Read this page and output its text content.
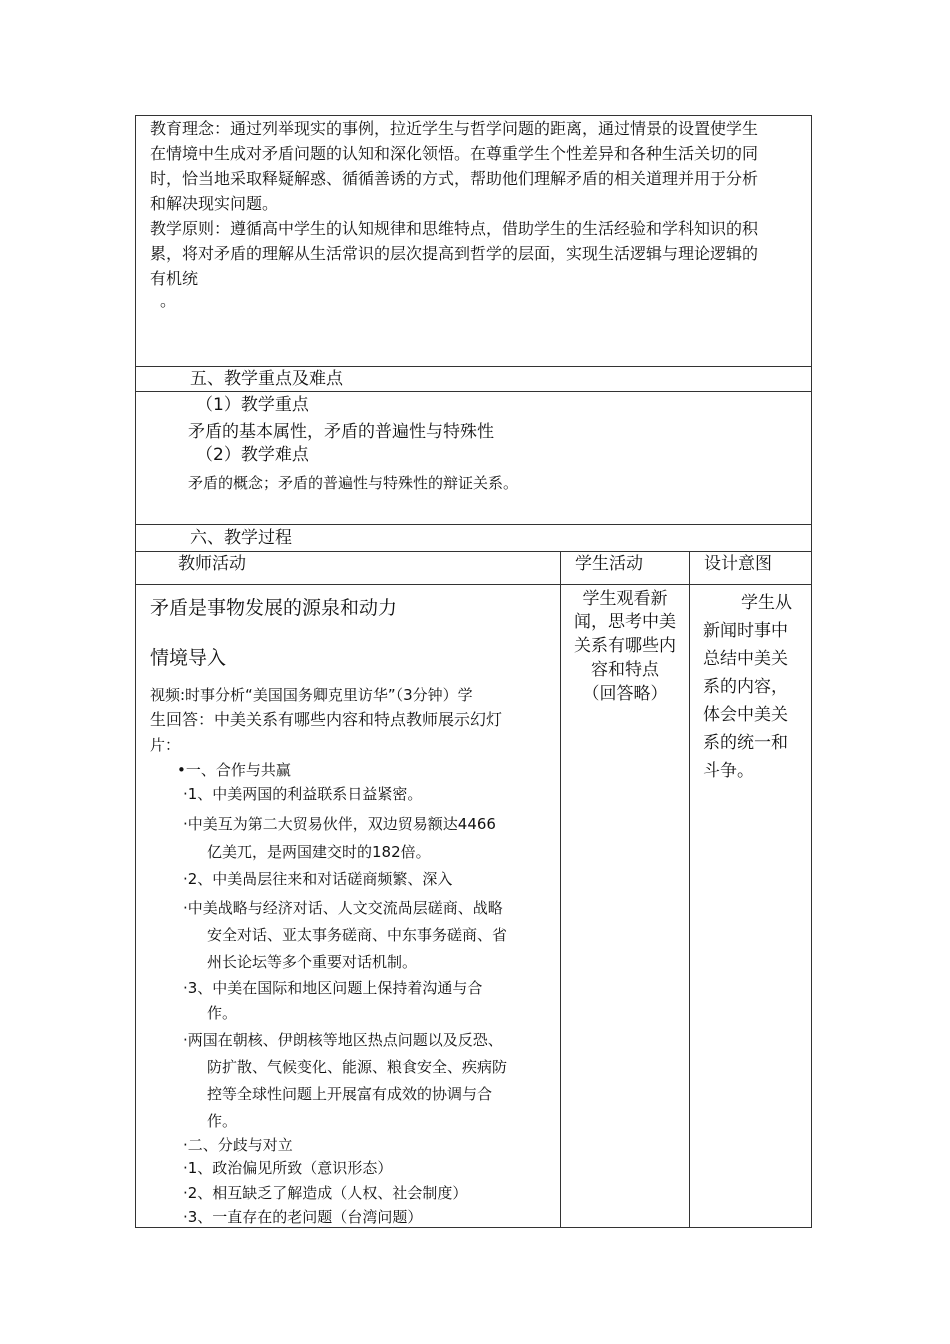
教育理念：通过列举现实的事例，拉近学生与哲学问题的距离，通过情景的设置使学生
在情境中生成对矛盾问题的认知和深化领悟。在尊重学生个性差异和各种生活关切的同
时，恰当地采取释疑解惑、循循善诱的方式，帮助他们理解矛盾的相关道理并用于分析
和解决现实问题。
教学原则：遵循高中学生的认知规律和思维特点，借助学生的生活经验和学科知识的积
累，将对矛盾的理解从生活常识的层次提高到哲学的层面，实现生活逻辑与理论逻辑的
有机统
。
五、教学重点及难点
（1）教学重点
矛盾的基本属性，矛盾的普遍性与特殊性
（2）教学难点
矛盾的概念；矛盾的普遍性与特殊性的辩证关系。
六、教学过程
教师活动	学生活动	设计意图
矛盾是事物发展的源泉和动力
情境导入
视频:时事分析“美国国务卿克里访华”（3分钟）学
生回答：中美关系有哪些内容和特点教师展示幻灯
片：
•一、合作与共赢
·1、中美两国的利益联系日益紧密。
·中美互为第二大贸易伙伴，双边贸易额达4466
亿美兀，是两国建交时的182倍。
·2、中美咼层往来和对话磋商频繁、深入
·中美战略与经济对话、人文交流咼层磋商、战略
安全对话、亚太事务磋商、中东事务磋商、省
州长论坛等多个重要对话机制。
·3、中美在国际和地区问题上保持着沟通与合
作。
·两国在朝核、伊朗核等地区热点问题以及反恐、
防扩散、气候变化、能源、粮食安全、疾病防
控等全球性问题上开展富有成效的协调与合
作。
·二、分歧与对立
·1、政治偏见所致（意识形态）
·2、相互缺乏了解造成（人权、社会制度）
·3、一直存在的老问题（台湾问题）
学生观看新
闻，思考中美
关系有哪些内
容和特点
（回答略）
学生从
新闻时事中
总结中美关
系的内容，
体会中美关
系的统一和
斗争。
